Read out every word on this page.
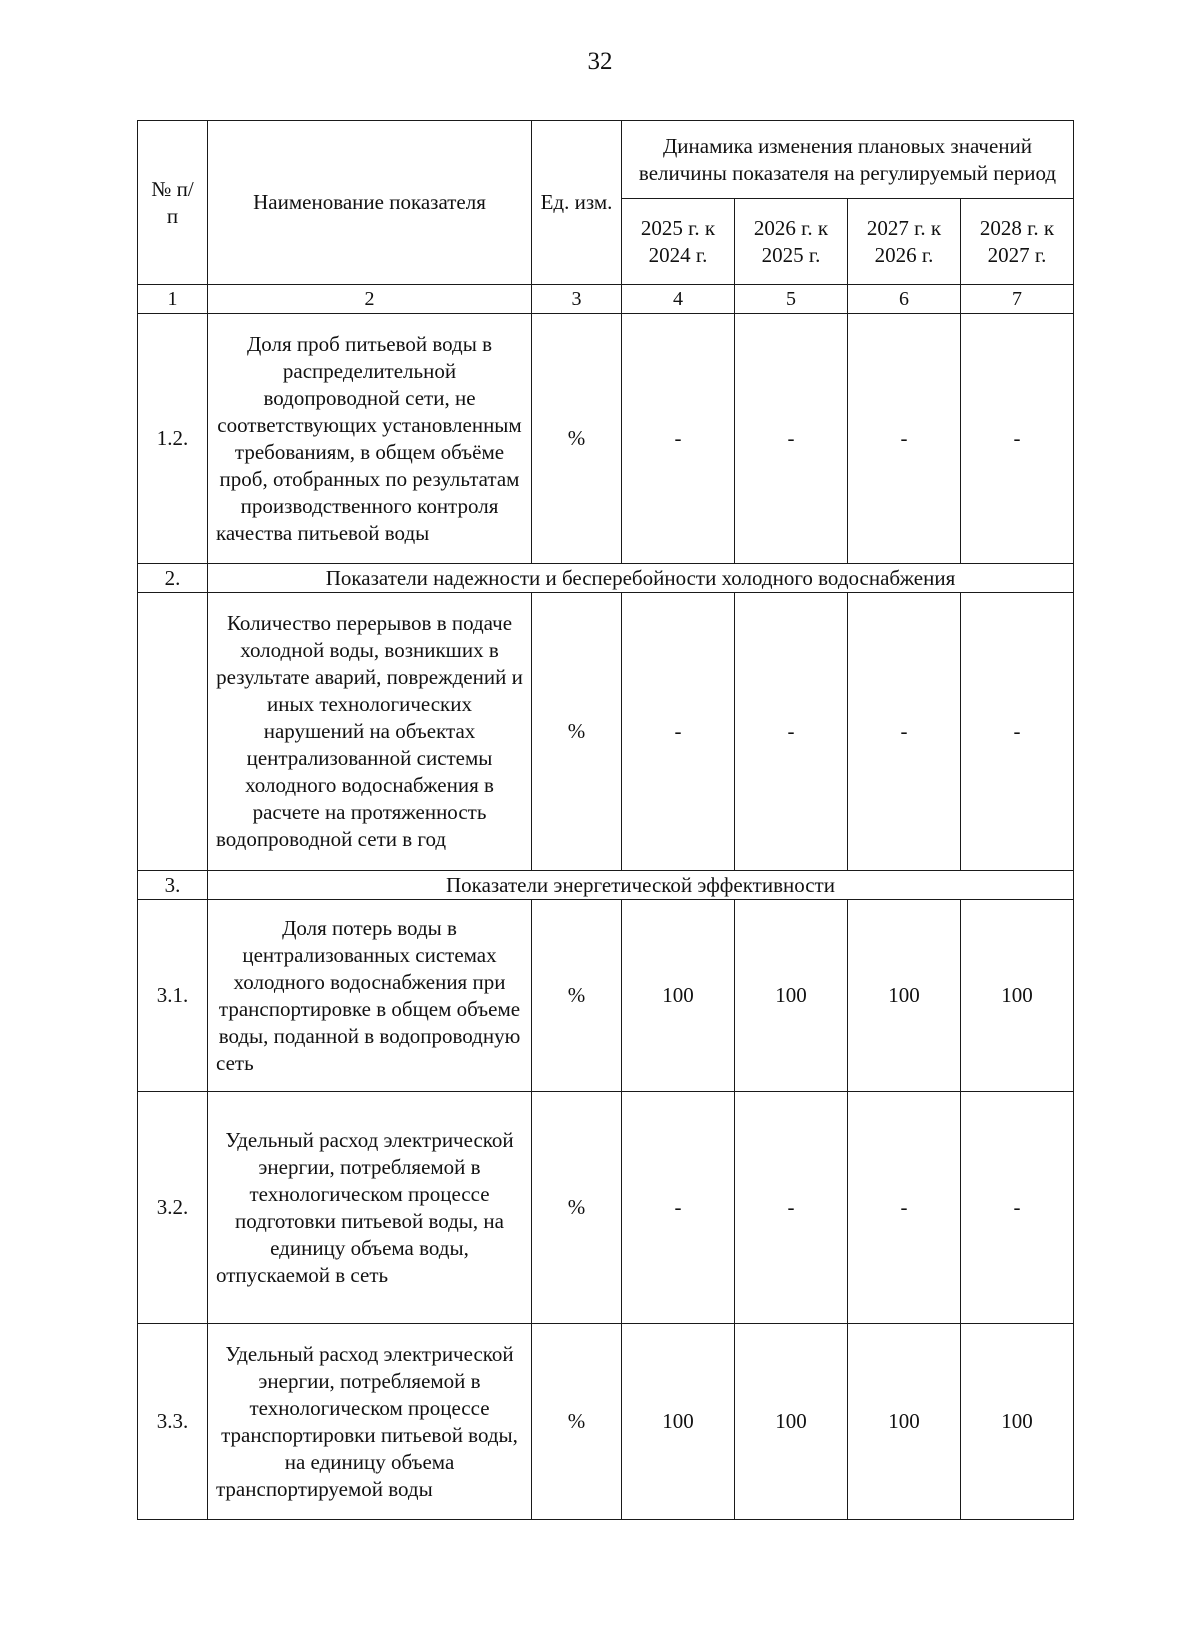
32
№ п/п	Наименование показателя	Ед. изм.	Динамика изменения плановых значений величины показателя на регулируемый период			
			2025 г. к 2024 г.	2026 г. к 2025 г.	2027 г. к 2026 г.	2028 г. к 2027 г.
1	2	3	4	5	6	7
1.2.	Доля проб питьевой воды в распределительной водопроводной сети, не соответствующих установленным требованиям, в общем объёме проб, отобранных по результатам производственного контроля качества питьевой воды	%	-	-	-	-
2.	Показатели надежности и бесперебойности холодного водоснабжения					
	Количество перерывов в подаче холодной воды, возникших в результате аварий, повреждений и иных технологических нарушений на объектах централизованной системы холодного водоснабжения в расчете на протяженность водопроводной сети в год	%	-	-	-	-
3.	Показатели энергетической эффективности					
3.1.	Доля потерь воды в централизованных системах холодного водоснабжения при транспортировке в общем объеме воды, поданной в водопроводную сеть	%	100	100	100	100
3.2.	Удельный расход электрической энергии, потребляемой в технологическом процессе подготовки питьевой воды, на единицу объема воды, отпускаемой в сеть	%	-	-	-	-
3.3.	Удельный расход электрической энергии, потребляемой в технологическом процессе транспортировки питьевой воды, на единицу объема транспортируемой воды	%	100	100	100	100
